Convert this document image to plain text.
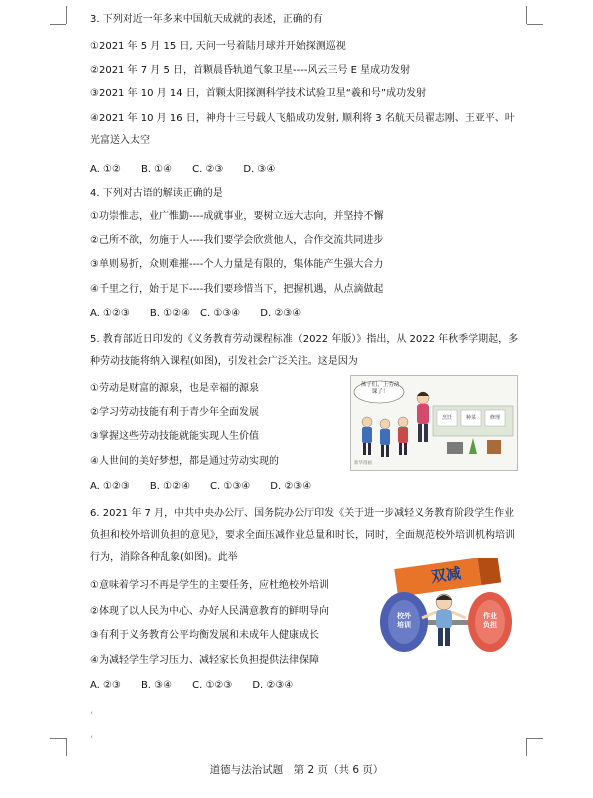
3. 下列对近一年多来中国航天成就的表述，正确的有
①2021 年 5 月 15 日, 天问一号着陆月球并开始探测巡视
②2021 年 7 月 5 日，首颗晨昏轨道气象卫星----风云三号 E 星成功发射
③2021 年 10 月 14 日，首颗太阳探测科学技术试验卫星“羲和号”成功发射
④2021 年 10 月 16 日，神舟十三号载人飞船成功发射, 顺利将 3 名航天员翟志刚、王亚平、叶光富送入太空
A. ①②　　B. ①④　　C. ②③　　D. ③④
4. 下列对古语的解读正确的是
①功崇惟志，业广惟勤----成就事业，要树立远大志向，并坚持不懈
②己所不欲，勿施于人----我们要学会欣赏他人，合作交流共同进步
③单则易折，众则难摧----个人力量是有限的，集体能产生强大合力
④千里之行，始于足下----我们要珍惜当下，把握机遇，从点滴做起
A. ①②③　　B. ①②④　C. ①③④　　D. ②③④
5. 教育部近日印发的《义务教育劳动课程标准（2022 年版）》指出，从 2022 年秋季学期起，多种劳动技能将纳入课程(如图)，引发社会广泛关注。这是因为
①劳动是财富的源泉，也是幸福的源泉
②学习劳动技能有利于青少年全面发展
③掌握这些劳动技能就能实现人生价值
④人世间的美好梦想，都是通过劳动实现的
A. ①②③　　B. ①②④　　C. ①③④　　D. ②③④
孩子们，上劳动课了！
烹饪	种菜	修理
新华漫画
6. 2021 年 7 月，中共中央办公厅、国务院办公厅印发《关于进一步减轻义务教育阶段学生作业负担和校外培训负担的意见》，要求全面压减作业总量和时长，同时，全面规范校外培训机构培训行为，消除各种乱象(如图)。此举
①意味着学习不再是学生的主要任务，应杜绝校外培训
②体现了以人民为中心、办好人民满意教育的鲜明导向
③有利于义务教育公平均衡发展和未成年人健康成长
④为减轻学生学习压力、减轻家长负担提供法律保障
A. ②③　　B. ③④　　C. ①②③　　D. ②③④
,
,
双减
校外培训
作业负担
道德与法治试题　第 2 页（共 6 页）
